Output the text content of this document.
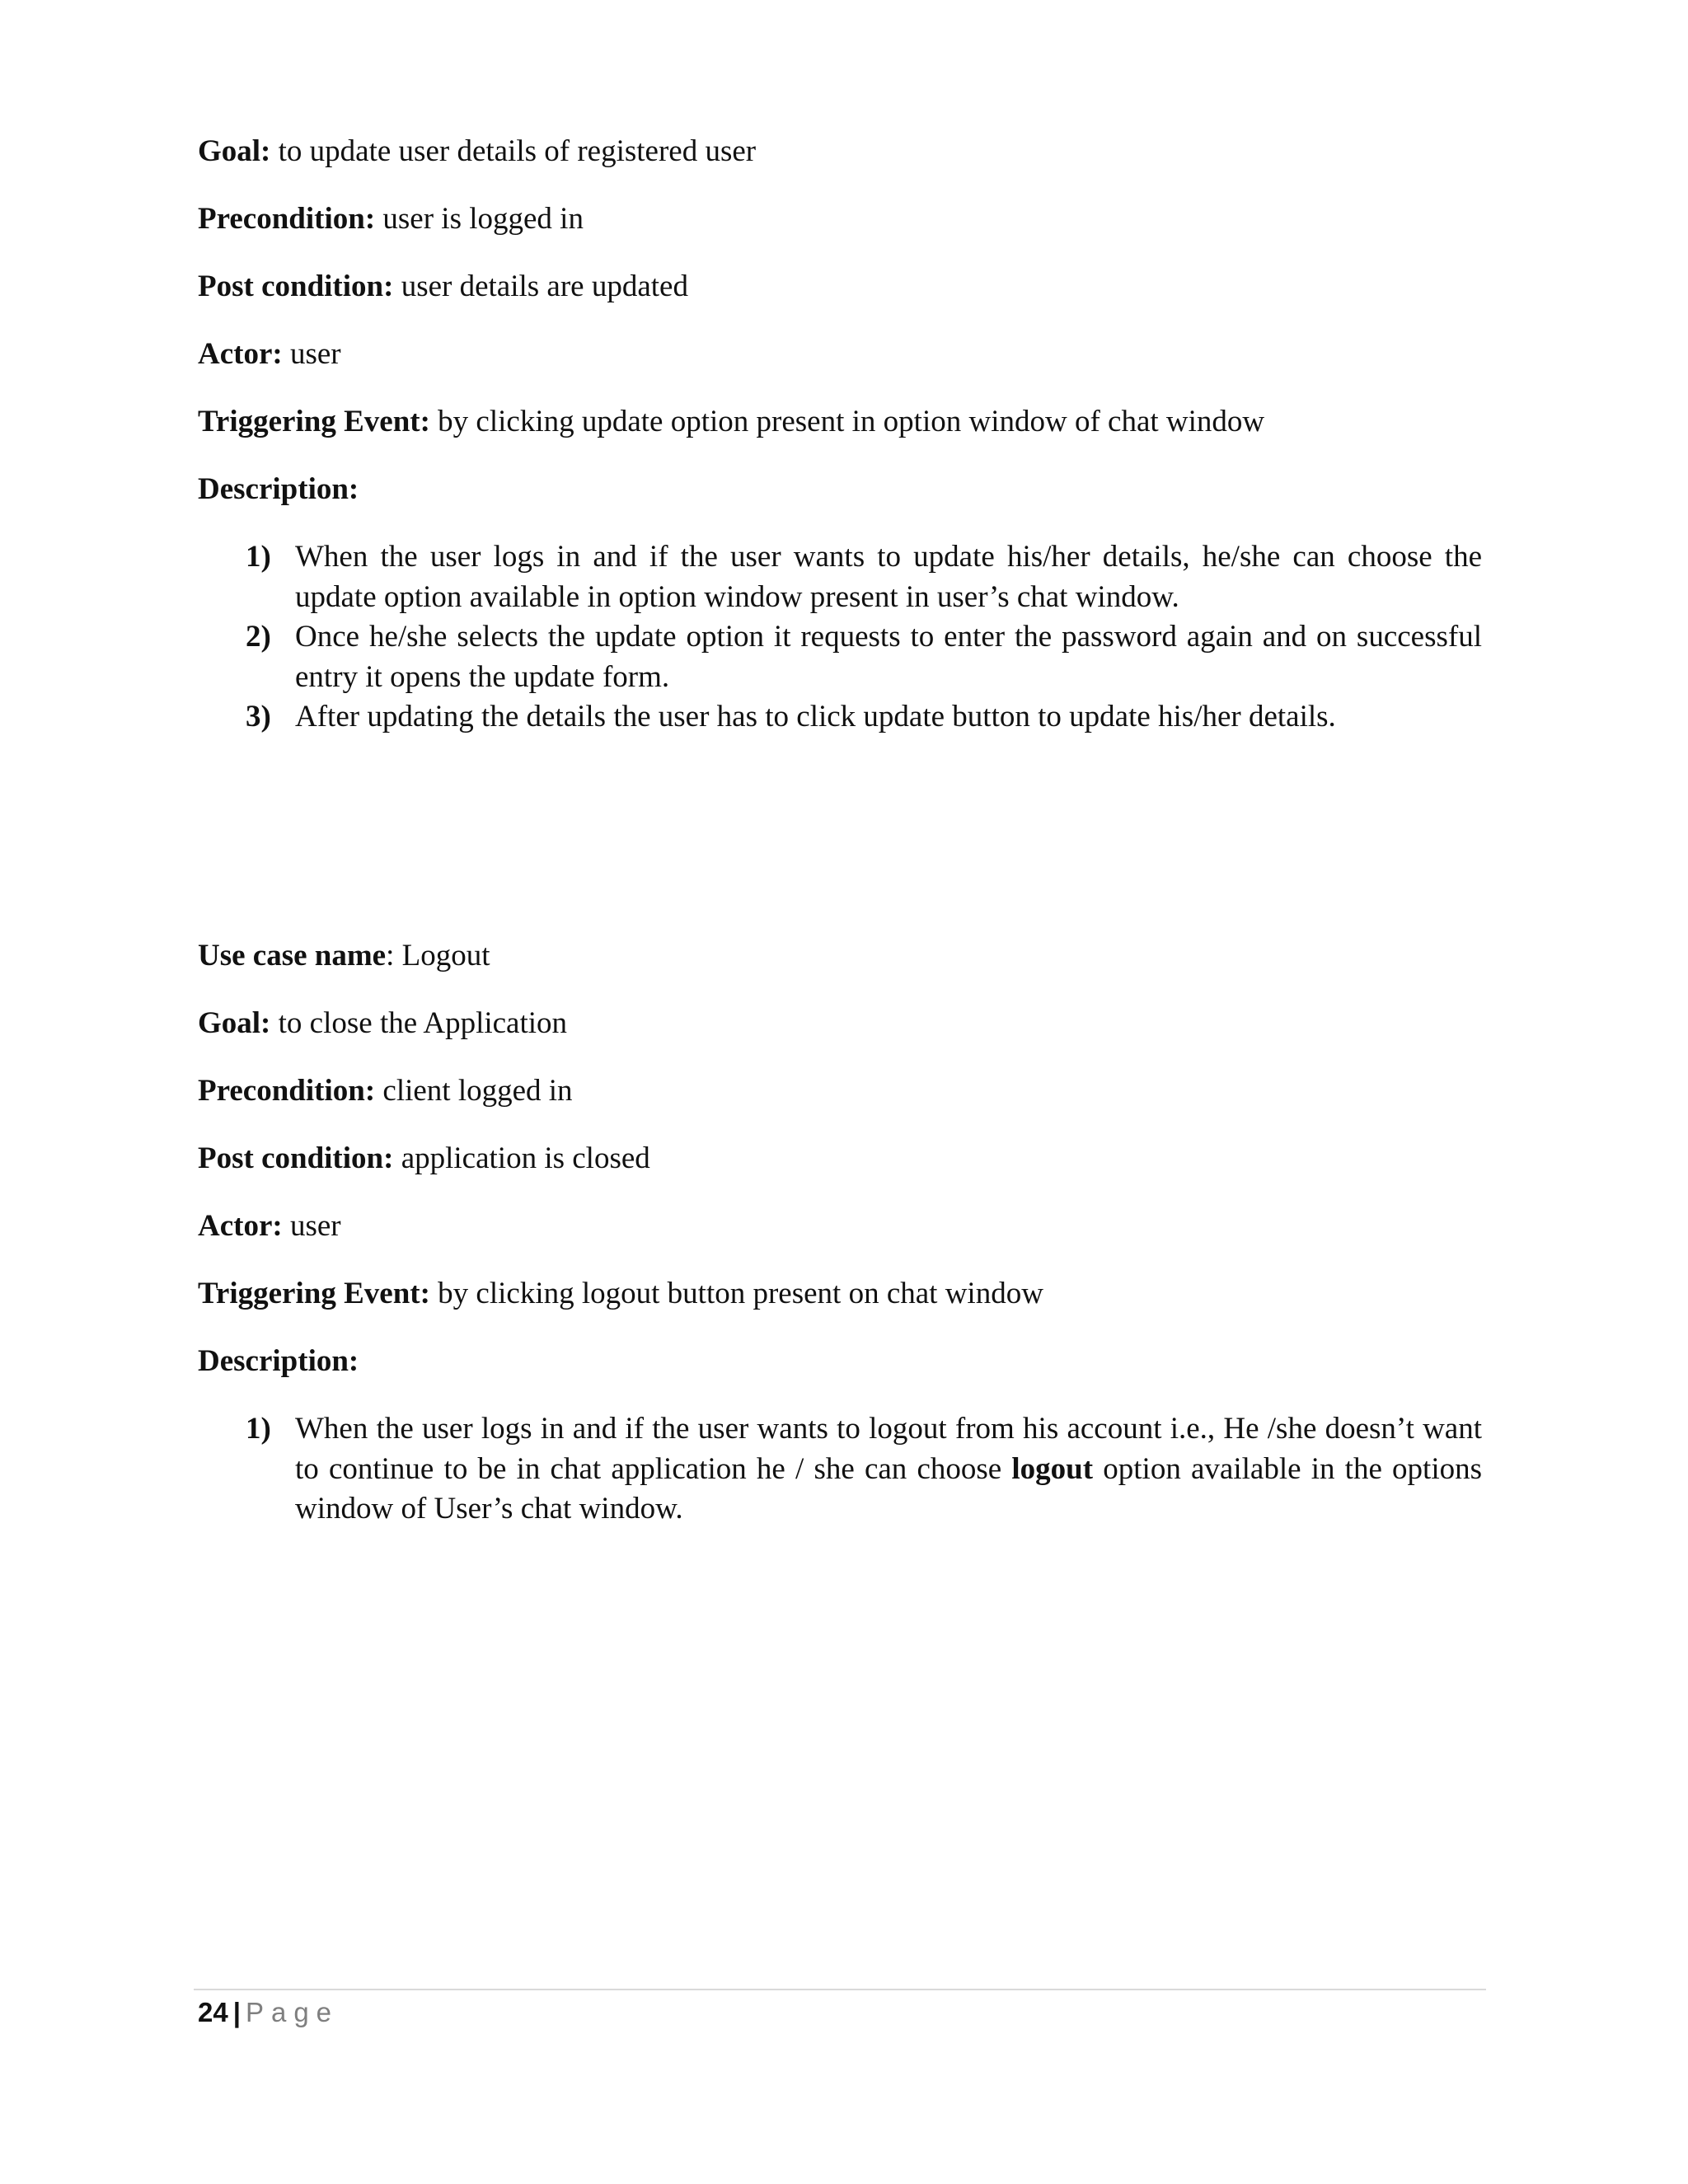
Goal: to update user details of registered user
Precondition: user is logged in
Post condition: user details are updated
Actor: user
Triggering Event: by clicking update option present in option window of chat window
Description:
1) When the user logs in and if the user wants to update his/her details, he/she can choose the update option available in option window present in user’s chat window.
2) Once he/she selects the update option it requests to enter the password again and on successful entry it opens the update form.
3) After updating the details the user has to click update button to update his/her details.
Use case name: Logout
Goal: to close the Application
Precondition: client logged in
Post condition: application is closed
Actor: user
Triggering Event: by clicking logout button present on chat window
Description:
1) When the user logs in and if the user wants to logout from his account i.e., He /she doesn’t want to continue to be in chat application he / she can choose logout option available in the options window of User’s chat window.
24 | Page
